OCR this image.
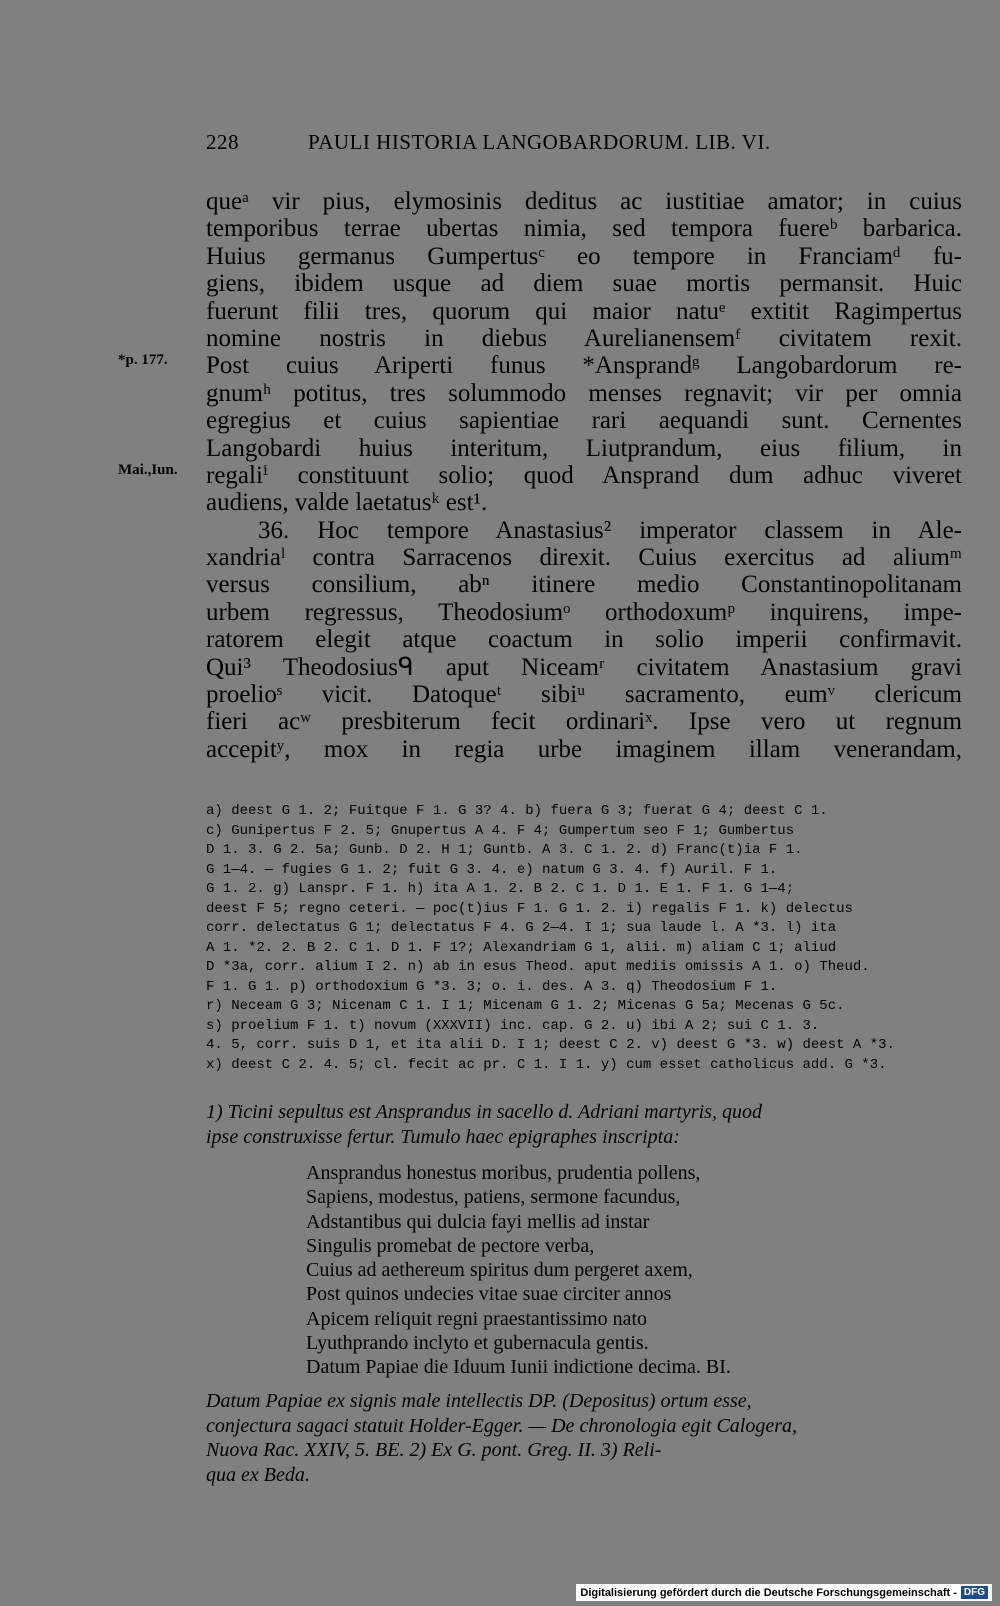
228	PAULI HISTORIA LANGOBARDORUM. LIB. VI.
*p. 177.
Mai.,Iun.
queᵃ vir pius, elymosinis deditus ac iustitiae amator; in cuius
temporibus terrae ubertas nimia, sed tempora fuereᵇ barbarica.
Huius germanus Gumpertusᶜ eo tempore in Franciamᵈ fu-
giens, ibidem usque ad diem suae mortis permansit. Huic
fuerunt filii tres, quorum qui maior natuᵉ extitit Ragimpertus
nomine nostris in diebus Aurelianensemᶠ civitatem rexit.
Post cuius Ariperti funus *Ansprandᵍ Langobardorum re-
gnumʰ potitus, tres solummodo menses regnavit; vir per omnia
egregius et cuius sapientiae rari aequandi sunt. Cernentes
Langobardi huius interitum, Liutprandum, eius filium, in
regaliⁱ constituunt solio; quod Ansprand dum adhuc viveret
audiens, valde laetatusᵏ est¹.
36. Hoc tempore Anastasius² imperator classem in Ale-
xandriaˡ contra Sarracenos direxit. Cuius exercitus ad aliumᵐ
versus consilium, abⁿ itinere medio Constantinopolitanam
urbem regressus, Theodosiumᵒ orthodoxumᵖ inquirens, impe-
ratorem elegit atque coactum in solio imperii confirmavit.
Qui³ Theodosiusᑫ aput Niceamʳ civitatem Anastasium gravi
proelioˢ vicit. Datoqueᵗ sibiᵘ sacramento, eumᵛ clericum
fieri acʷ presbiterum fecit ordinariˣ. Ipse vero ut regnum
accepitʸ, mox in regia urbe imaginem illam venerandam,
a) deest G 1. 2; Fuitque F 1. G 3? 4. b) fuera G 3; fuerat G 4; deest C 1.
c) Gunipertus F 2. 5; Gnupertus A 4. F 4; Gumpertum seo F 1; Gumbertus
D 1. 3. G 2. 5a; Gunb. D 2. H 1; Guntb. A 3. C 1. 2. d) Franc(t)ia F 1.
G 1—4. — fugies G 1. 2; fuit G 3. 4. e) natum G 3. 4. f) Auril. F 1.
G 1. 2. g) Lanspr. F 1. h) ita A 1. 2. B 2. C 1. D 1. E 1. F 1. G 1—4;
deest F 5; regno ceteri. — poc(t)ius F 1. G 1. 2. i) regalis F 1. k) delectus
corr. delectatus G 1; delectatus F 4. G 2—4. I 1; sua laude l. A *3. l) ita
A 1. *2. 2. B 2. C 1. D 1. F 1?; Alexandriam G 1, alii. m) aliam C 1; aliud
D *3a, corr. alium I 2. n) ab in esus Theod. aput mediis omissis A 1. o) Theud.
F 1. G 1. p) orthodoxium G *3. 3; o. i. des. A 3. q) Theodosium F 1.
r) Neceam G 3; Nicenam C 1. I 1; Micenam G 1. 2; Micenas G 5a; Mecenas G 5c.
s) proelium F 1. t) novum (XXXVII) inc. cap. G 2. u) ibi A 2; sui C 1. 3.
4. 5, corr. suis D 1, et ita alii D. I 1; deest C 2. v) deest G *3. w) deest A *3.
x) deest C 2. 4. 5; cl. fecit ac pr. C 1. I 1. y) cum esset catholicus add. G *3.
1) Ticini sepultus est Ansprandus in sacello d. Adriani martyris, quod
ipse construxisse fertur. Tumulo haec epigraphes inscripta:
Ansprandus honestus moribus, prudentia pollens,
Sapiens, modestus, patiens, sermone facundus,
Adstantibus qui dulcia fayi mellis ad instar
Singulis promebat de pectore verba,
Cuius ad aethereum spiritus dum pergeret axem,
Post quinos undecies vitae suae circiter annos
Apicem reliquit regni praestantissimo nato
Lyuthprando inclyto et gubernacula gentis.
Datum Papiae die Iduum Iunii indictione decima. BI.
Datum Papiae ex signis male intellectis DP. (Depositus) ortum esse,
conjectura sagaci statuit Holder-Egger. — De chronologia egit Calogera,
Nuova Rac. XXIV, 5. BE. 2) Ex G. pont. Greg. II. 3) Reli-
qua ex Beda.
Digitalisierung gefördert durch die Deutsche Forschungsgemeinschaft - DFG
